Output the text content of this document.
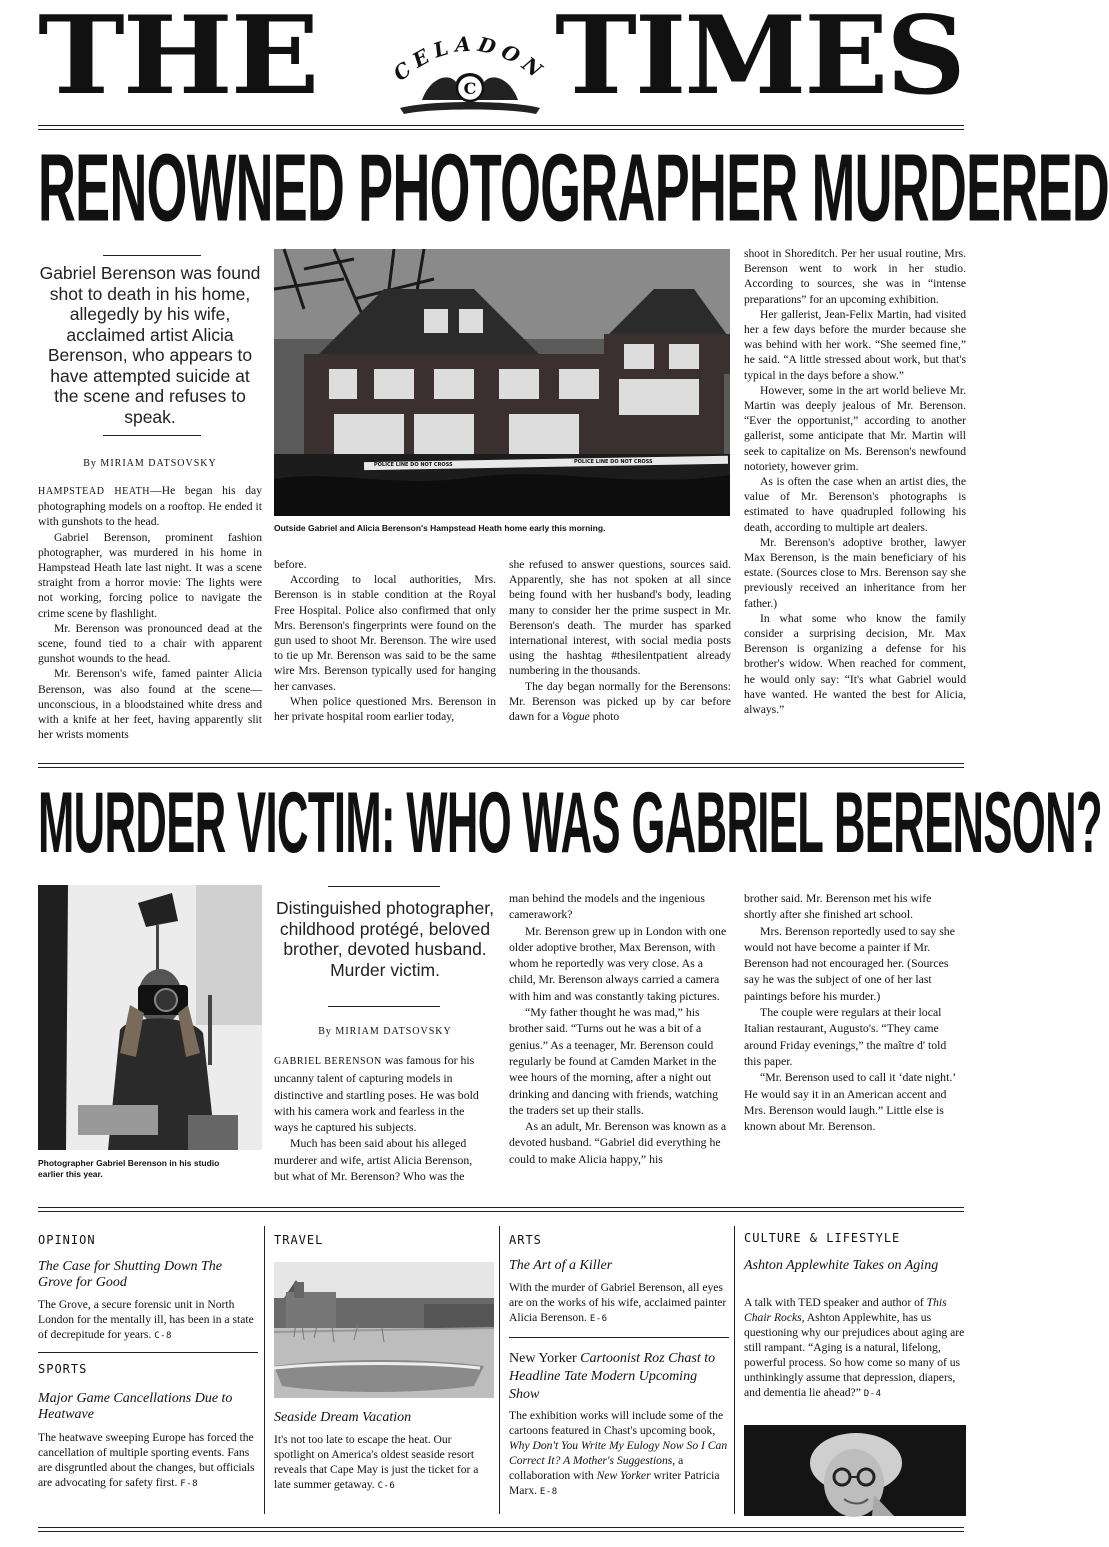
THE	CELADON
C TIMES
RENOWNED PHOTOGRAPHER MURDERED
Gabriel Berenson was found shot to death in his home, allegedly by his wife, acclaimed artist Alicia Berenson, who appears to have attempted suicide at the scene and refuses to speak.
By MIRIAM DATSOVSKY	POLICE LINE DO NOT CROSS	POLICE LINE DO NOT CROSS
Outside Gabriel and Alicia Berenson's Hampstead Heath home early this morning.

HAMPSTEAD HEATH—He began his day photographing models on a rooftop. He ended it with gunshots to the head.

Gabriel Berenson, prominent fashion photographer, was murdered in his home in Hampstead Heath late last night. It was a scene straight from a horror movie: The lights were not working, forcing police to navigate the crime scene by flashlight.

Mr. Berenson was pronounced dead at the scene, found tied to a chair with apparent gunshot wounds to the head.

Mr. Berenson's wife, famed painter Alicia Berenson, was also found at the scene—unconscious, in a bloodstained white dress and with a knife at her feet, having apparently slit her wrists moments

before.

According to local authorities, Mrs. Berenson is in stable condition at the Royal Free Hospital. Police also confirmed that only Mrs. Berenson's fingerprints were found on the gun used to shoot Mr. Berenson. The wire used to tie up Mr. Berenson was said to be the same wire Mrs. Berenson typically used for hanging her canvases.

When police questioned Mrs. Berenson in her private hospital room earlier today,

she refused to answer questions, sources said. Apparently, she has not spoken at all since being found with her husband's body, leading many to consider her the prime suspect in Mr. Berenson's death. The murder has sparked international interest, with social media posts using the hashtag #thesilentpatient already numbering in the thousands.

The day began normally for the Berensons: Mr. Berenson was picked up by car before dawn for a Vogue photo

shoot in Shoreditch. Per her usual routine, Mrs. Berenson went to work in her studio. According to sources, she was in “intense preparations” for an upcoming exhibition.

Her gallerist, Jean-Felix Martin, had visited her a few days before the murder because she was behind with her work. “She seemed fine,” he said. “A little stressed about work, but that's typical in the days before a show.”

However, some in the art world believe Mr. Martin was deeply jealous of Mr. Berenson. “Ever the opportunist,” according to another gallerist, some anticipate that Mr. Martin will seek to capitalize on Ms. Berenson's newfound notoriety, however grim.

As is often the case when an artist dies, the value of Mr. Berenson's photographs is estimated to have quadrupled following his death, according to multiple art dealers.

Mr. Berenson's adoptive brother, lawyer Max Berenson, is the main beneficiary of his estate. (Sources close to Mrs. Berenson say she previously received an inheritance from her father.)

In what some who know the family consider a surprising decision, Mr. Max Berenson is organizing a defense for his brother's widow. When reached for comment, he would only say: “It's what Gabriel would have wanted. He wanted the best for Alicia, always.”

MURDER VICTIM: WHO WAS GABRIEL BERENSON?
Photographer Gabriel Berenson in his studio earlier this year.
Distinguished photographer, childhood protégé, beloved brother, devoted husband. Murder victim.
By MIRIAM DATSOVSKY

GABRIEL BERENSON was famous for his uncanny talent of capturing models in distinctive and startling poses. He was bold with his camera work and fearless in the ways he captured his subjects.

Much has been said about his alleged murderer and wife, artist Alicia Berenson, but what of Mr. Berenson? Who was the

man behind the models and the ingenious camerawork?

Mr. Berenson grew up in London with one older adoptive brother, Max Berenson, with whom he reportedly was very close. As a child, Mr. Berenson always carried a camera with him and was constantly taking pictures.

“My father thought he was mad,” his brother said. “Turns out he was a bit of a genius.” As a teenager, Mr. Berenson could regularly be found at Camden Market in the wee hours of the morning, after a night out drinking and dancing with friends, watching the traders set up their stalls.

As an adult, Mr. Berenson was known as a devoted husband. “Gabriel did everything he could to make Alicia happy,” his

brother said. Mr. Berenson met his wife shortly after she finished art school.

Mrs. Berenson reportedly used to say she would not have become a painter if Mr. Berenson had not encouraged her. (Sources say he was the subject of one of her last paintings before his murder.)

The couple were regulars at their local Italian restaurant, Augusto's. “They came around Friday evenings,” the maître d' told this paper.

“Mr. Berenson used to call it ‘date night.’ He would say it in an American accent and Mrs. Berenson would laugh.” Little else is known about Mr. Berenson.

OPINION
The Case for Shutting Down The Grove for Good
The Grove, a secure forensic unit in North London for the mentally ill, has been in a state of decrepitude for years. C-8
SPORTS
Major Game Cancellations Due to Heatwave
The heatwave sweeping Europe has forced the cancellation of multiple sporting events. Fans are disgruntled about the changes, but officials are advocating for safety first. F-8
TRAVEL
Seaside Dream Vacation
It's not too late to escape the heat. Our spotlight on America's oldest seaside resort reveals that Cape May is just the ticket for a late summer getaway. C-6
ARTS
The Art of a Killer
With the murder of Gabriel Berenson, all eyes are on the works of his wife, acclaimed painter Alicia Berenson. E-6
New Yorker Cartoonist Roz Chast to Headline Tate Modern Upcoming Show
The exhibition works will include some of the cartoons featured in Chast's upcoming book, Why Don't You Write My Eulogy Now So I Can Correct It? A Mother's Suggestions, a collaboration with New Yorker writer Patricia Marx. E-8
CULTURE & LIFESTYLE
Ashton Applewhite Takes on Aging
A talk with TED speaker and author of This Chair Rocks, Ashton Applewhite, has us questioning why our prejudices about aging are still rampant. “Aging is a natural, lifelong, powerful process. So how come so many of us unthinkingly assume that depression, diapers, and dementia lie ahead?” D-4
